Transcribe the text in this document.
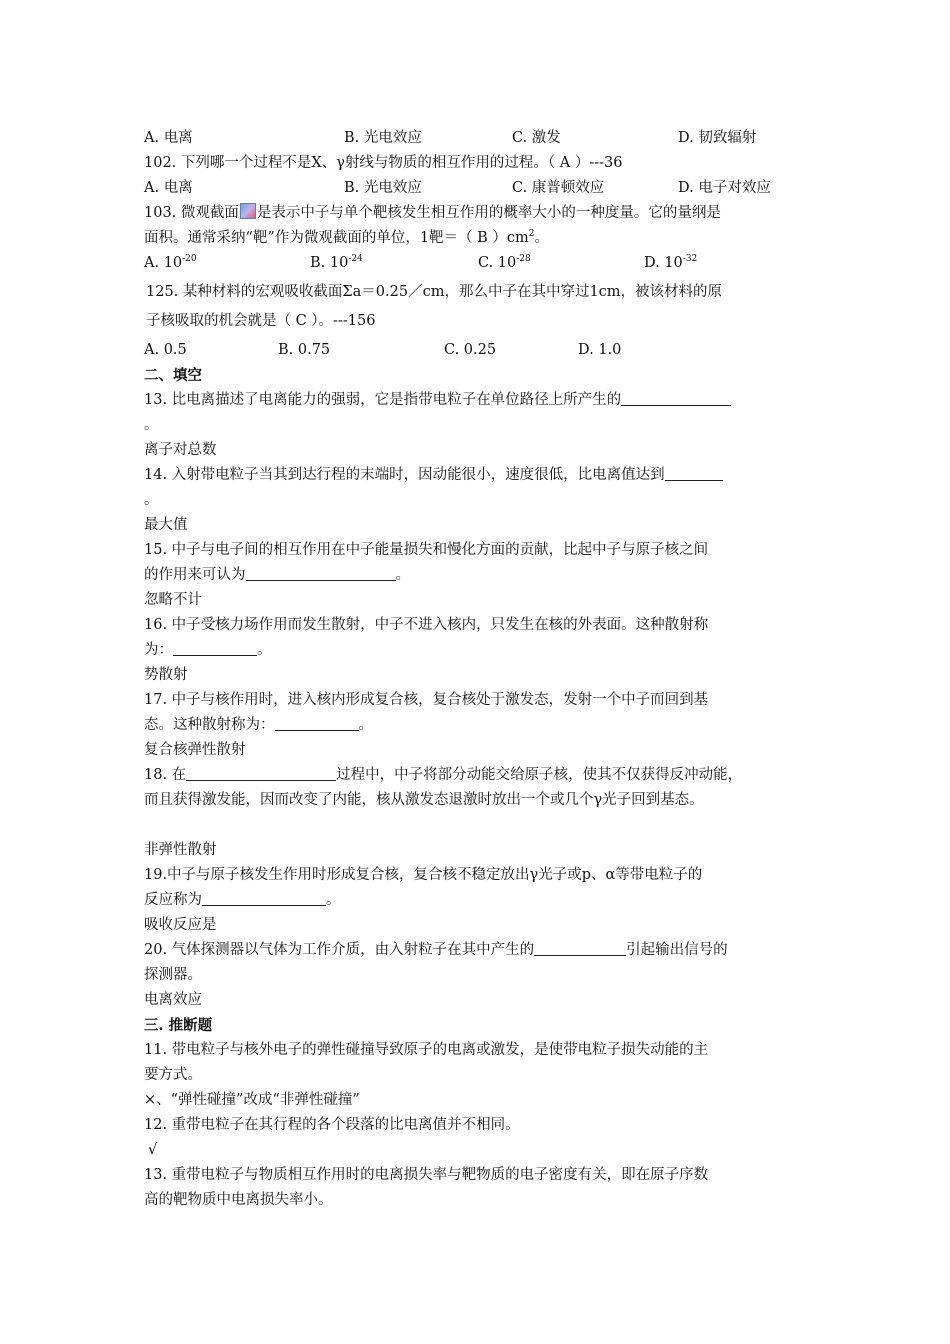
A. 电离	B. 光电效应	C. 激发	D. 韧致辐射
102. 下列哪一个过程不是X、γ射线与物质的相互作用的过程。（ A ）---36
A. 电离	B. 光电效应	C. 康普顿效应	D. 电子对效应
103. 微观截面 是表示中子与单个靶核发生相互作用的概率大小的一种度量。它的量纲是
面积。通常采纳“靶”作为微观截面的单位，1靶＝（ B ）$cm^2$。
A. $10^{-20}$	B. $10^{-24}$	C. $10^{-28}$	D. $10^{-32}$
125. 某种材料的宏观吸收截面Σa＝0.25／cm，那么中子在其中穿过1cm，被该材料的原
子核吸取的机会就是（ C ）。---156
A. 0.5	B. 0.75	C. 0.25	D. 1.0
二、填空
13. 比电离描述了电离能力的强弱，它是指带电粒子在单位路径上所产生的
。
离子对总数
14. 入射带电粒子当其到达行程的末端时，因动能很小，速度很低，比电离值达到
。
最大值
15. 中子与电子间的相互作用在中子能量损失和慢化方面的贡献，比起中子与原子核之间
的作用来可认为	。
忽略不计
16. 中子受核力场作用而发生散射，中子不进入核内，只发生在核的外表面。这种散射称
为：	。
势散射
17. 中子与核作用时，进入核内形成复合核，复合核处于激发态，发射一个中子而回到基
态。这种散射称为：	。
复合核弹性散射
18. 在	过程中，中子将部分动能交给原子核，使其不仅获得反冲动能，
而且获得激发能，因而改变了内能，核从激发态退激时放出一个或几个γ光子回到基态。
非弹性散射
19.中子与原子核发生作用时形成复合核，复合核不稳定放出γ光子或p、α等带电粒子的
反应称为	。
吸收反应是
20. 气体探测器以气体为工作介质，由入射粒子在其中产生的	引起输出信号的
探测器。
电离效应
三. 推断题
11. 带电粒子与核外电子的弹性碰撞导致原子的电离或激发，是使带电粒子损失动能的主
要方式。
×、“弹性碰撞”改成“非弹性碰撞”
12. 重带电粒子在其行程的各个段落的比电离值并不相同。
√
13. 重带电粒子与物质相互作用时的电离损失率与靶物质的电子密度有关，即在原子序数
高的靶物质中电离损失率小。
